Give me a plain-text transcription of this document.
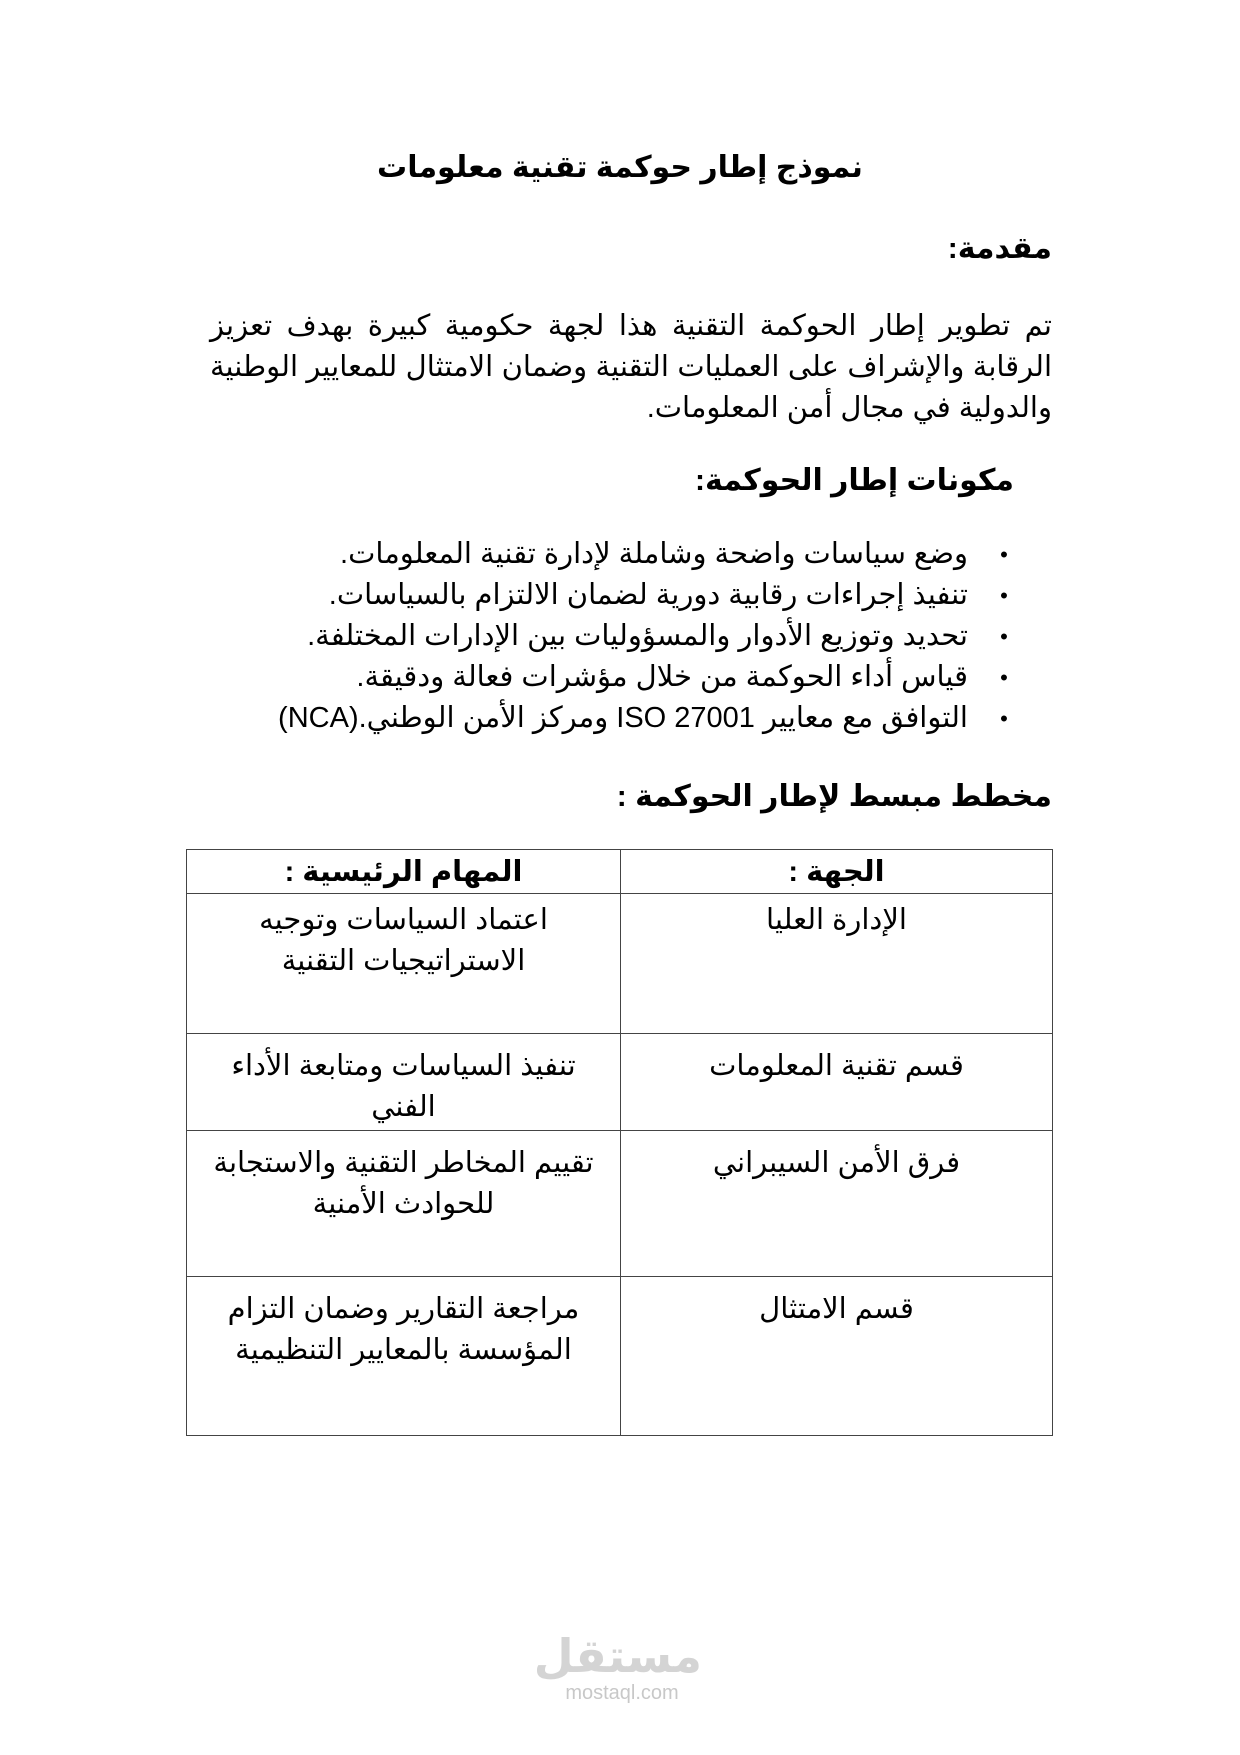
نموذج إطار حوكمة تقنية معلومات
مقدمة:

تم تطوير إطار الحوكمة التقنية هذا لجهة حكومية كبيرة بهدف تعزيز الرقابة والإشراف على العمليات التقنية وضمان الامتثال للمعايير الوطنية والدولية في مجال أمن المعلومات.

مكونات إطار الحوكمة:
•
وضع سياسات واضحة وشاملة لإدارة تقنية المعلومات.
•
تنفيذ إجراءات رقابية دورية لضمان الالتزام بالسياسات.
•
تحديد وتوزيع الأدوار والمسؤوليات بين الإدارات المختلفة.
•
قياس أداء الحوكمة من خلال مؤشرات فعالة ودقيقة.
•
التوافق مع معايير ISO 27001 ومركز الأمن الوطني.(NCA)
مخطط مبسط لإطار الحوكمة :
الجهة :	المهام الرئيسية :
الإدارة العليا	اعتماد السياسات وتوجيه الاستراتيجيات التقنية
قسم تقنية المعلومات	تنفيذ السياسات ومتابعة الأداء الفني
فرق الأمن السيبراني	تقييم المخاطر التقنية والاستجابة للحوادث الأمنية
قسم الامتثال	مراجعة التقارير وضمان التزام المؤسسة بالمعايير التنظيمية
مستقل
mostaql.com
